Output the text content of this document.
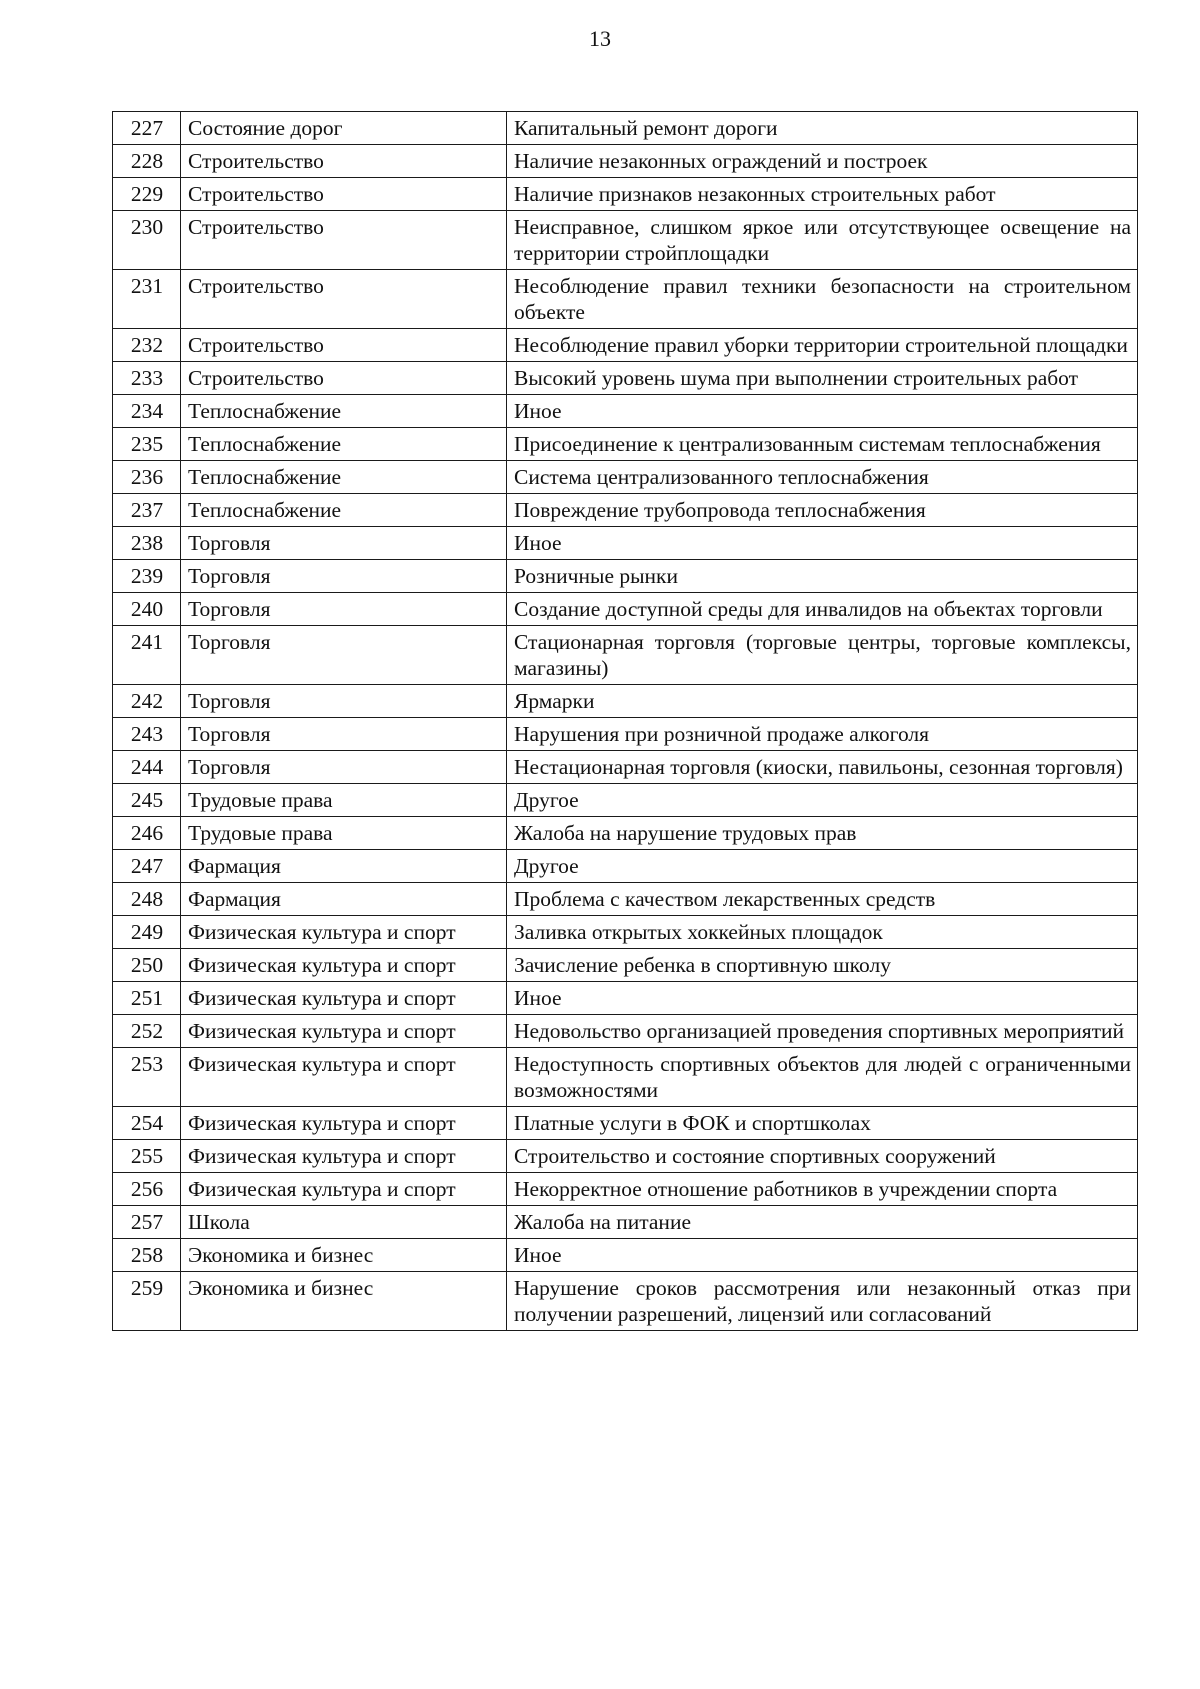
13
227	Состояние дорог	Капитальный ремонт дороги
228	Строительство	Наличие незаконных ограждений и построек
229	Строительство	Наличие признаков незаконных строительных работ
230	Строительство	Неисправное, слишком яркое или отсутствующее освещение на территории стройплощадки
231	Строительство	Несоблюдение правил техники безопасности на строительном объекте
232	Строительство	Несоблюдение правил уборки территории строительной площадки
233	Строительство	Высокий уровень шума при выполнении строительных работ
234	Теплоснабжение	Иное
235	Теплоснабжение	Присоединение к централизованным системам теплоснабжения
236	Теплоснабжение	Система централизованного теплоснабжения
237	Теплоснабжение	Повреждение трубопровода теплоснабжения
238	Торговля	Иное
239	Торговля	Розничные рынки
240	Торговля	Создание доступной среды для инвалидов на объектах торговли
241	Торговля	Стационарная торговля (торговые центры, торговые комплексы, магазины)
242	Торговля	Ярмарки
243	Торговля	Нарушения при розничной продаже алкоголя
244	Торговля	Нестационарная торговля (киоски, павильоны, сезонная торговля)
245	Трудовые права	Другое
246	Трудовые права	Жалоба на нарушение трудовых прав
247	Фармация	Другое
248	Фармация	Проблема с качеством лекарственных средств
249	Физическая культура и спорт	Заливка открытых хоккейных площадок
250	Физическая культура и спорт	Зачисление ребенка в спортивную школу
251	Физическая культура и спорт	Иное
252	Физическая культура и спорт	Недовольство организацией проведения спортивных мероприятий
253	Физическая культура и спорт	Недоступность спортивных объектов для людей с ограниченными возможностями
254	Физическая культура и спорт	Платные услуги в ФОК и спортшколах
255	Физическая культура и спорт	Строительство и состояние спортивных сооружений
256	Физическая культура и спорт	Некорректное отношение работников в учреждении спорта
257	Школа	Жалоба на питание
258	Экономика и бизнес	Иное
259	Экономика и бизнес	Нарушение сроков рассмотрения или незаконный отказ при получении разрешений, лицензий или согласований
